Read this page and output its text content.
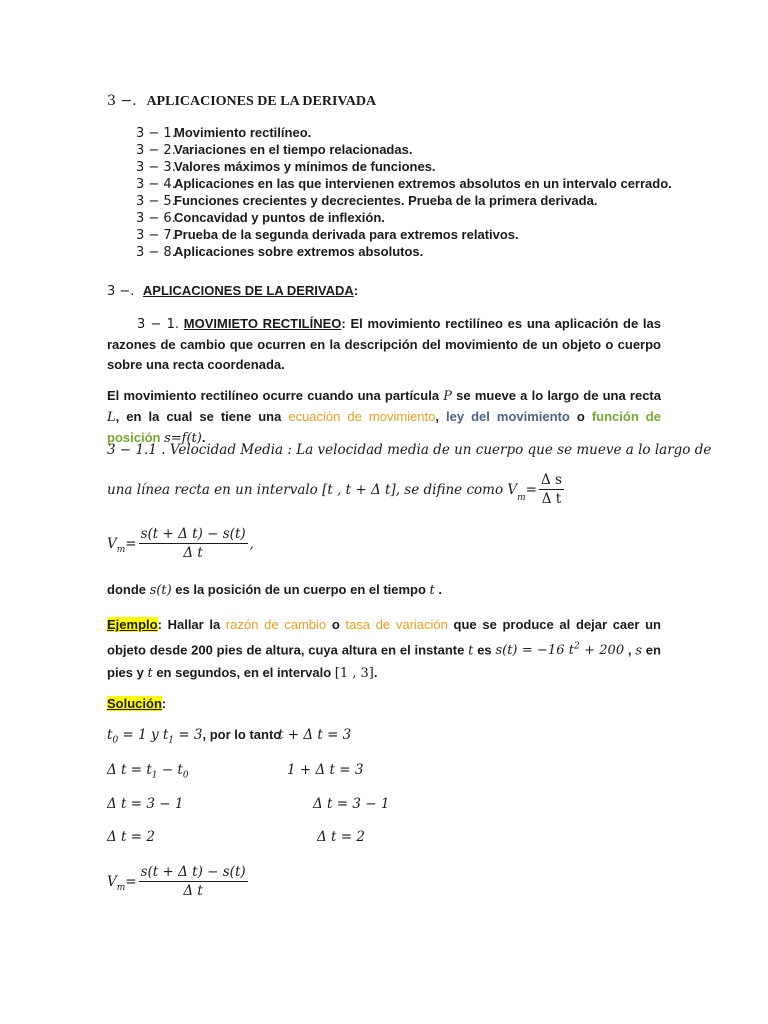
3 −. APLICACIONES DE LA DERIVADA
3 − 1.Movimiento rectilíneo.
3 − 2.Variaciones en el tiempo relacionadas.
3 − 3.Valores máximos y mínimos de funciones.
3 − 4.Aplicaciones en las que intervienen extremos absolutos en un intervalo cerrado.
3 − 5.Funciones crecientes y decrecientes. Prueba de la primera derivada.
3 − 6.Concavidad y puntos de inflexión.
3 − 7.Prueba de la segunda derivada para extremos relativos.
3 − 8.Aplicaciones sobre extremos absolutos.
3 −. APLICACIONES DE LA DERIVADA:
3 − 1. MOVIMIETO RECTILÍNEO: El movimiento rectilíneo es una aplicación de las razones de cambio que ocurren en la descripción del movimiento de un objeto o cuerpo sobre una recta coordenada.
El movimiento rectilíneo ocurre cuando una partícula P se mueve a lo largo de una recta L, en la cual se tiene una ecuación de movimiento, ley del movimiento o función de posición s=f(t).
3 − 1.1 . Velocidad Media : La velocidad media de un cuerpo que se mueve a lo largo de
una línea recta en un intervalo [t , t + Δ t], se difine como V
$_m$
= $\frac{\text{Δ s}}{\text{Δ t}}$
$V_m = \frac{\text{s(t + Δ t) − s(t)}}{\text{Δ t}}$ ,
donde s(t) es la posición de un cuerpo en el tiempo t .
Ejemplo: Hallar la razón de cambio o tasa de variación que se produce al dejar caer un objeto desde 200 pies de altura, cuya altura en el instante t es s(t) = −16 $t^2 + 200$ , s en pies y t en segundos, en el intervalo [1 , 3].
Solución:
$t_0 = 1$ y $t_1 = 3$, por lo tanto
t + Δ t = 3
Δ $t = t_1 - t_0$	1 + Δ t = 3
Δ t = 3 − 1	Δ t = 3 − 1
Δ t = 2	Δ t = 2
$V_m = \frac{\text{s(t + Δ t) − s(t)}}{\text{Δ t}}$
